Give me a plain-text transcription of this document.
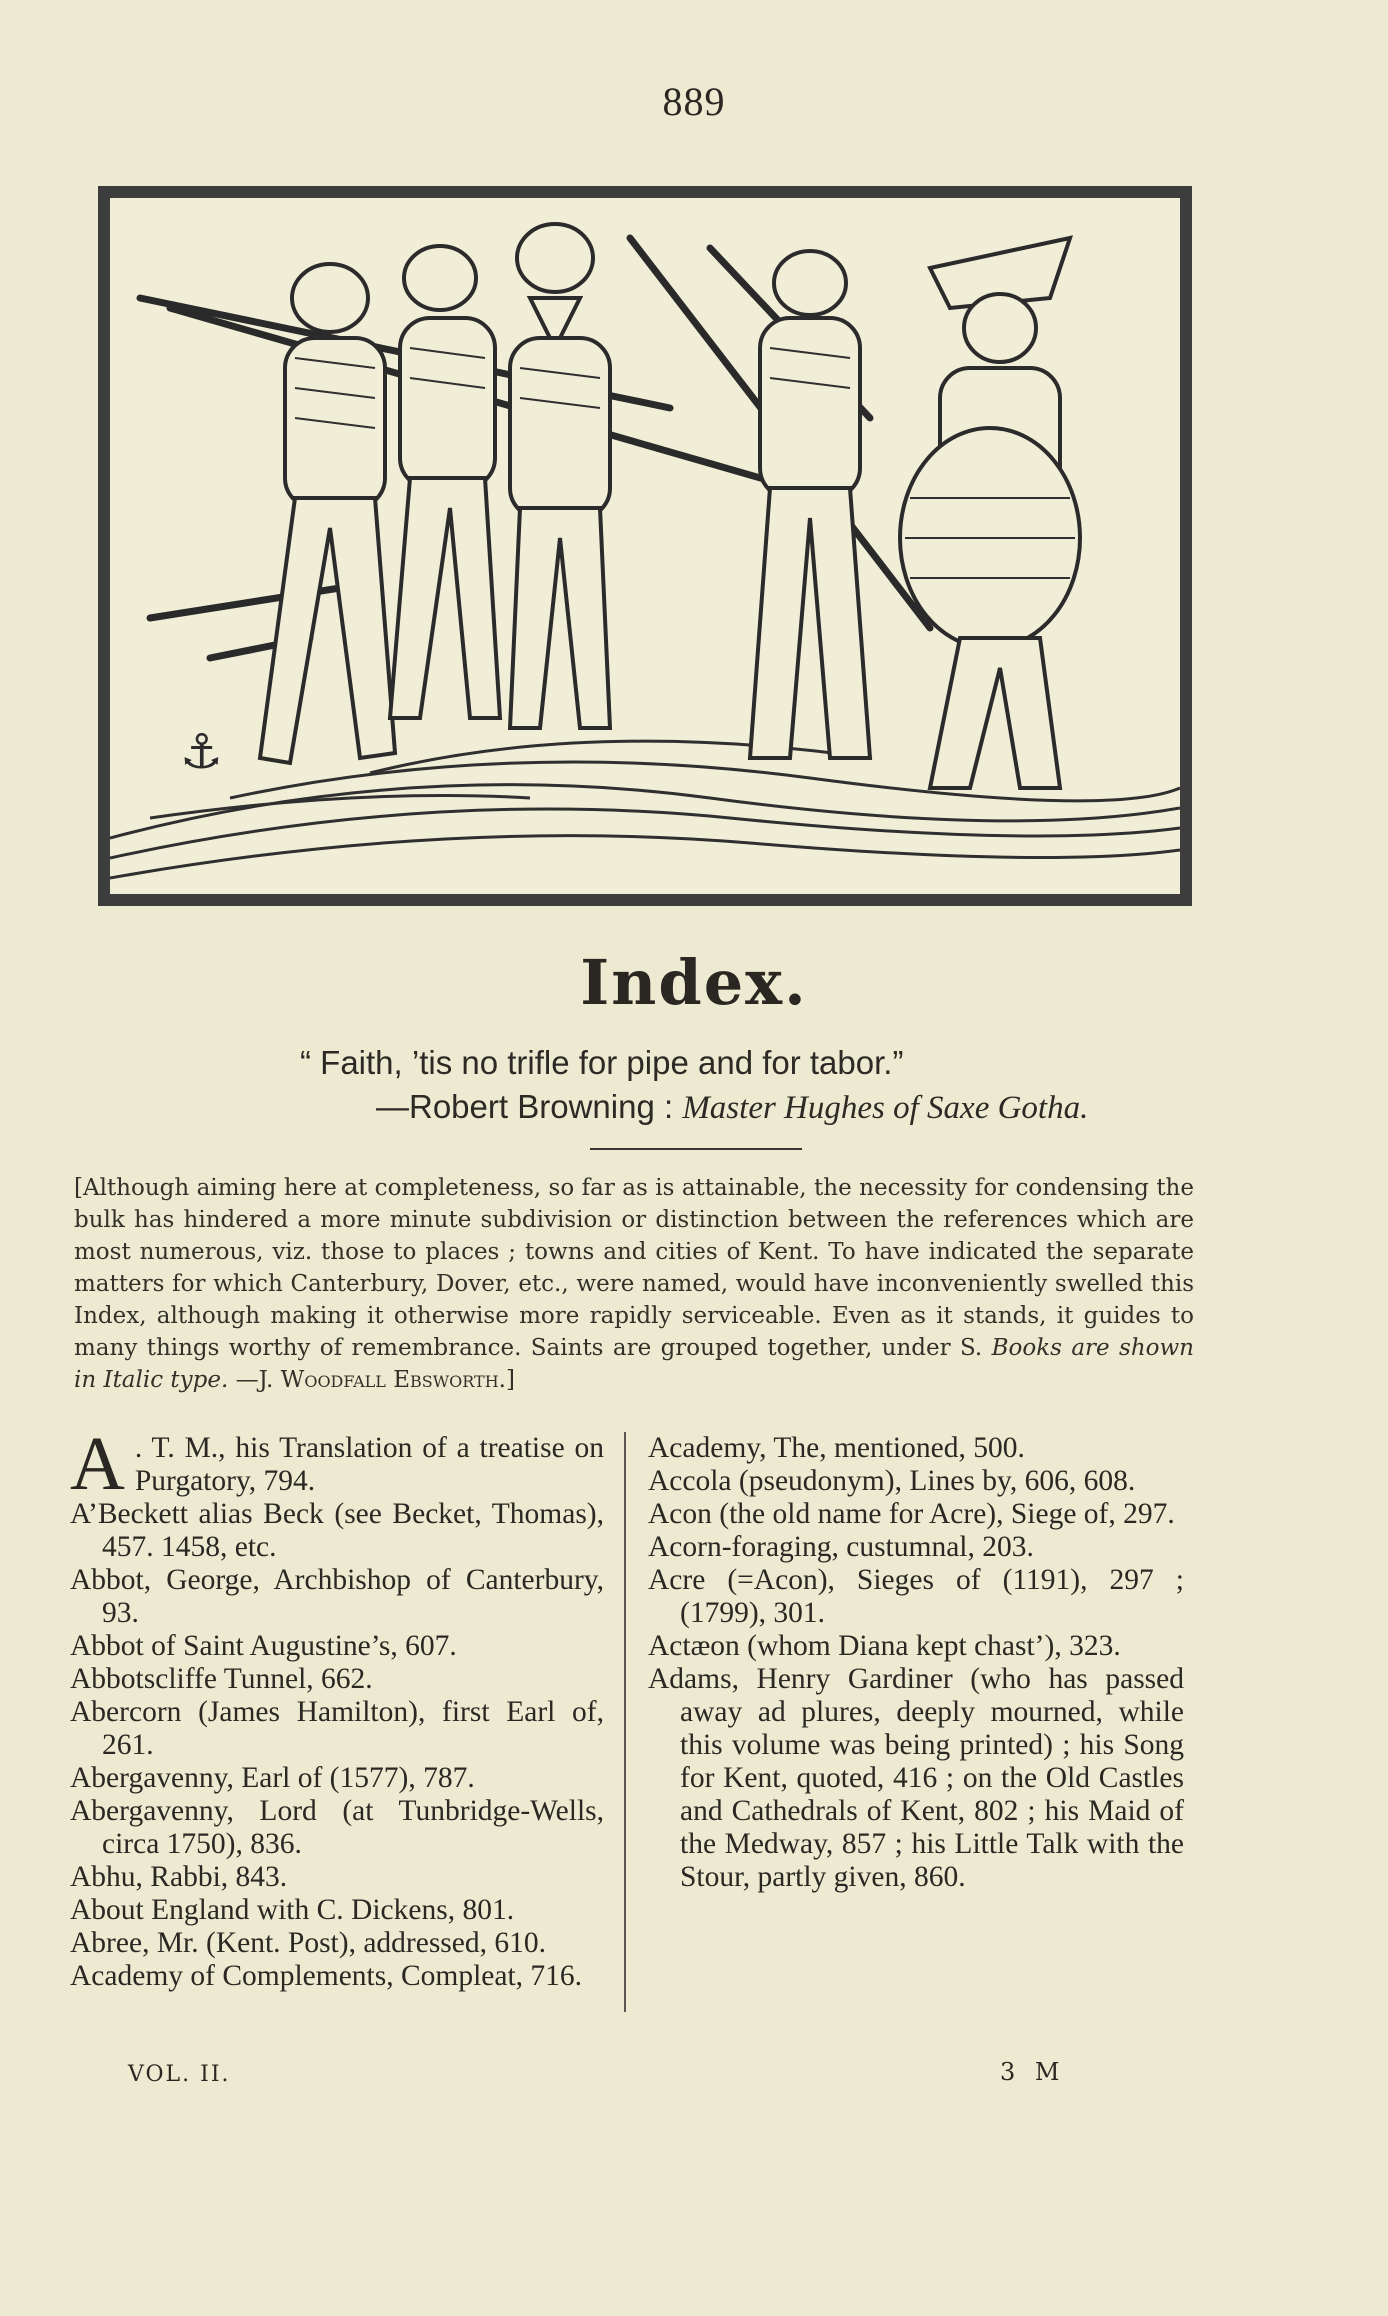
889
⚓
Index.
“ Faith, ’tis no trifle for pipe and for tabor.”
—Robert Browning : Master Hughes of Saxe Gotha.
[Although aiming here at completeness, so far as is attainable, the necessity for condensing the bulk has hindered a more minute subdivision or distinction between the references which are most numerous, viz. those to places ; towns and cities of Kent. To have indicated the separate matters for which Canterbury, Dover, etc., were named, would have inconveniently swelled this Index, although making it otherwise more rapidly serviceable. Even as it stands, it guides to many things worthy of remembrance. Saints are grouped together, under S. Books are shown in Italic type. —J. Woodfall Ebsworth.]

A . T. M., his Translation of a treatise on Purgatory, 794.

A’Beckett alias Beck (see Becket, Thomas), 457. 1458, etc.

Abbot, George, Archbishop of Canterbury, 93.

Abbot of Saint Augustine’s, 607.

Abbotscliffe Tunnel, 662.

Abercorn (James Hamilton), first Earl of, 261.

Abergavenny, Earl of (1577), 787.

Abergavenny, Lord (at Tunbridge-Wells, circa 1750), 836.

Abhu, Rabbi, 843.

About England with C. Dickens, 801.

Abree, Mr. (Kent. Post), addressed, 610.

Academy of Complements, Compleat, 716.

Academy, The, mentioned, 500.

Accola (pseudonym), Lines by, 606, 608.

Acon (the old name for Acre), Siege of, 297.

Acorn-foraging, custumnal, 203.

Acre (=Acon), Sieges of (1191), 297 ; (1799), 301.

Actæon (whom Diana kept chast’), 323.

Adams, Henry Gardiner (who has passed away ad plures, deeply mourned, while this volume was being printed) ; his Song for Kent, quoted, 416 ; on the Old Castles and Cathedrals of Kent, 802 ; his Maid of the Medway, 857 ; his Little Talk with the Stour, partly given, 860.

VOL. II.	3 M
